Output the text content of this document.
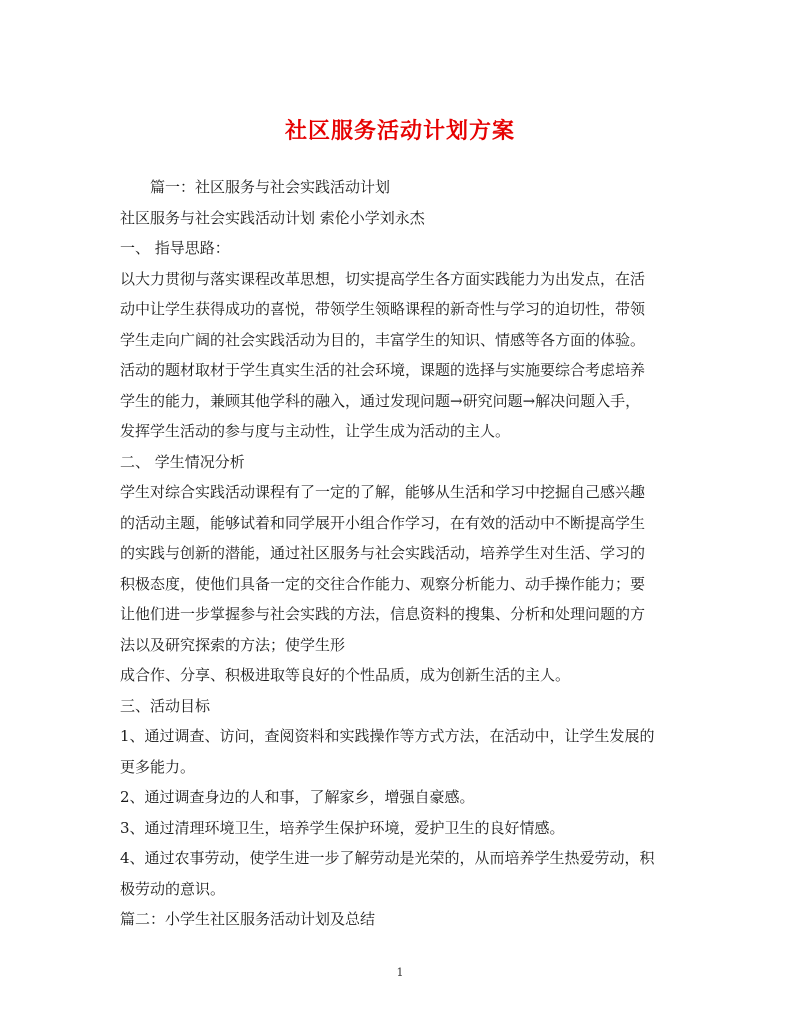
社区服务活动计划方案

篇一：社区服务与社会实践活动计划

社区服务与社会实践活动计划 索伦小学刘永杰

一、 指导思路：

以大力贯彻与落实课程改革思想，切实提高学生各方面实践能力为出发点，在活

动中让学生获得成功的喜悦，带领学生领略课程的新奇性与学习的迫切性，带领

学生走向广阔的社会实践活动为目的，丰富学生的知识、情感等各方面的体验。

活动的题材取材于学生真实生活的社会环境，课题的选择与实施要综合考虑培养

学生的能力，兼顾其他学科的融入，通过发现问题→研究问题→解决问题入手，

发挥学生活动的参与度与主动性，让学生成为活动的主人。

二、 学生情况分析

学生对综合实践活动课程有了一定的了解，能够从生活和学习中挖掘自己感兴趣

的活动主题，能够试着和同学展开小组合作学习，在有效的活动中不断提高学生

的实践与创新的潜能，通过社区服务与社会实践活动，培养学生对生活、学习的

积极态度，使他们具备一定的交往合作能力、观察分析能力、动手操作能力；要

让他们进一步掌握参与社会实践的方法，信息资料的搜集、分析和处理问题的方

法以及研究探索的方法；使学生形

成合作、分享、积极进取等良好的个性品质，成为创新生活的主人。

三、活动目标

1、通过调查、访问，查阅资料和实践操作等方式方法，在活动中，让学生发展的

更多能力。

2、通过调查身边的人和事，了解家乡，增强自豪感。

3、通过清理环境卫生，培养学生保护环境，爱护卫生的良好情感。

4、通过农事劳动，使学生进一步了解劳动是光荣的，从而培养学生热爱劳动，积

极劳动的意识。

篇二：小学生社区服务活动计划及总结

1
